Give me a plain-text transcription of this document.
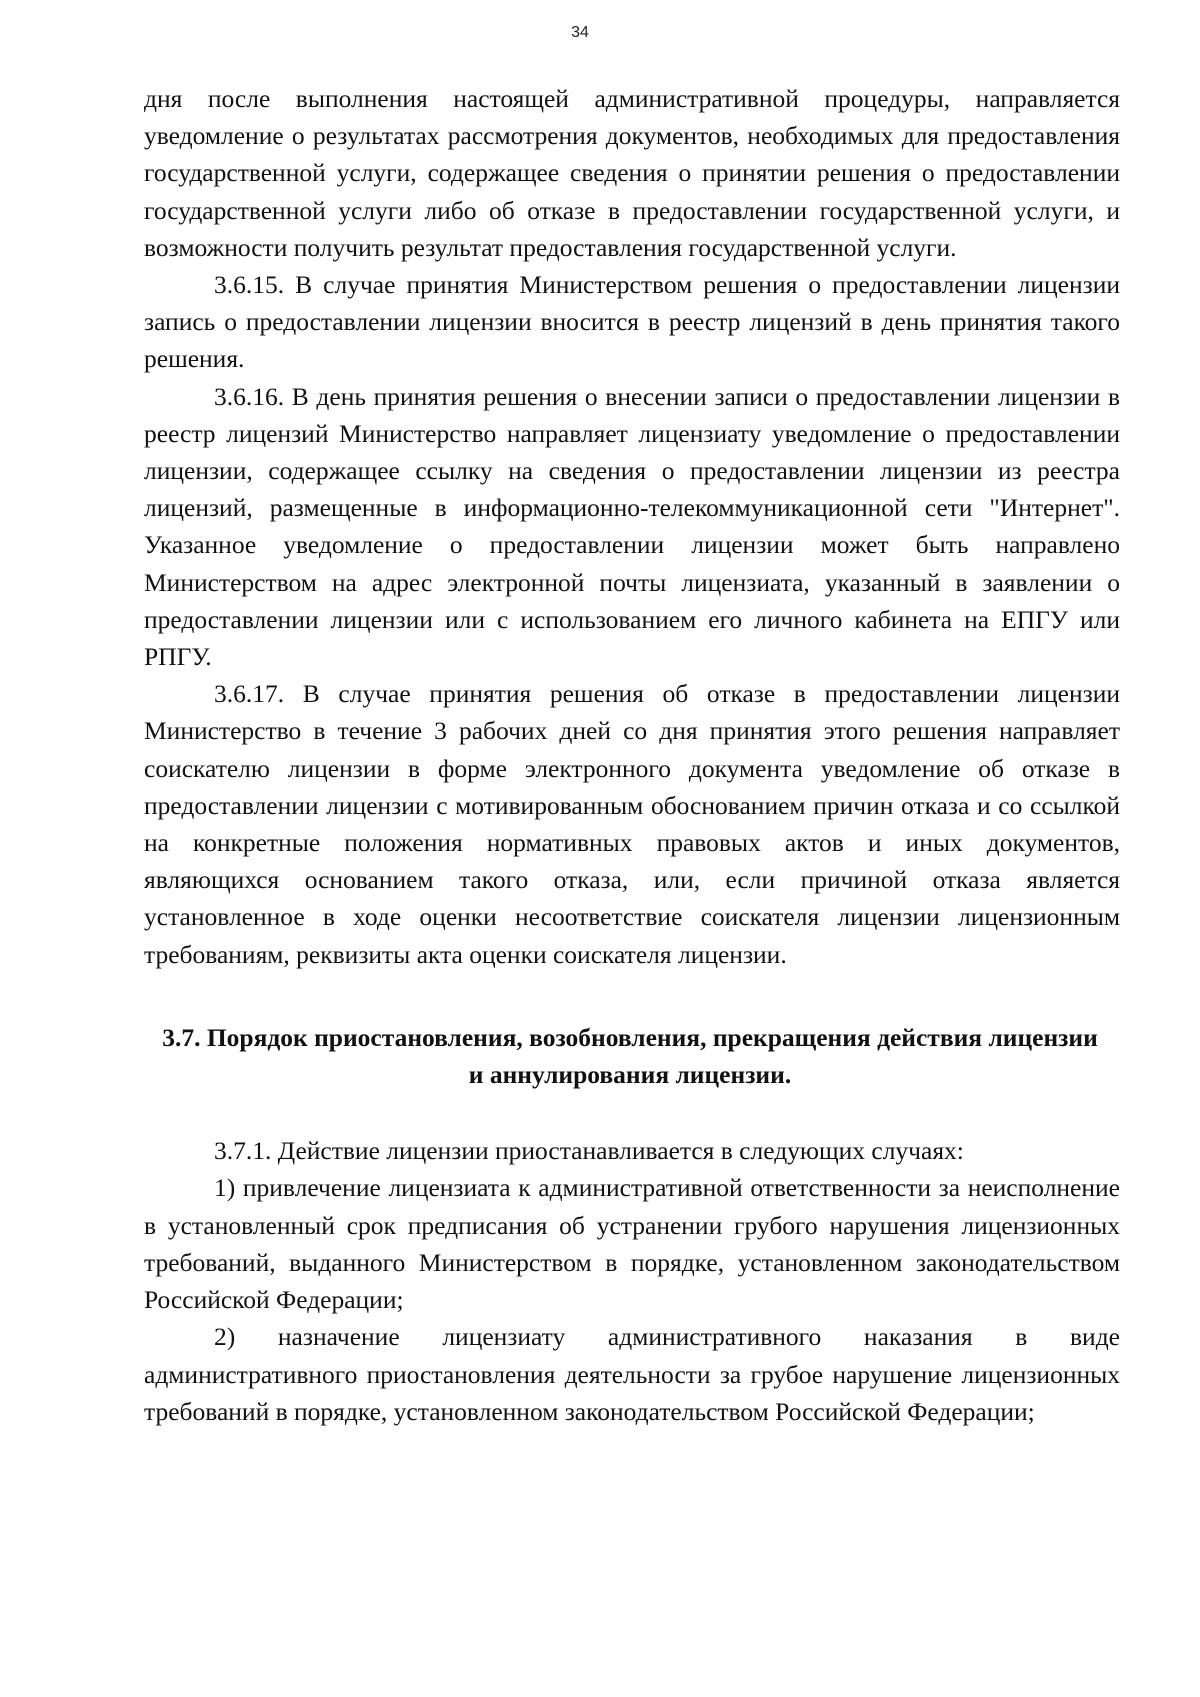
34

дня после выполнения настоящей административной процедуры, направляется уведомление о результатах рассмотрения документов, необходимых для предоставления государственной услуги, содержащее сведения о принятии решения о предоставлении государственной услуги либо об отказе в предоставлении государственной услуги, и возможности получить результат предоставления государственной услуги.

3.6.15. В случае принятия Министерством решения о предоставлении лицензии запись о предоставлении лицензии вносится в реестр лицензий в день принятия такого решения.

3.6.16. В день принятия решения о внесении записи о предоставлении лицензии в реестр лицензий Министерство направляет лицензиату уведомление о предоставлении лицензии, содержащее ссылку на сведения о предоставлении лицензии из реестра лицензий, размещенные в информационно-телекоммуникационной сети "Интернет". Указанное уведомление о предоставлении лицензии может быть направлено Министерством на адрес электронной почты лицензиата, указанный в заявлении о предоставлении лицензии или с использованием его личного кабинета на ЕПГУ или РПГУ.

3.6.17. В случае принятия решения об отказе в предоставлении лицензии Министерство в течение 3 рабочих дней со дня принятия этого решения направляет соискателю лицензии в форме электронного документа уведомление об отказе в предоставлении лицензии с мотивированным обоснованием причин отказа и со ссылкой на конкретные положения нормативных правовых актов и иных документов, являющихся основанием такого отказа, или, если причиной отказа является установленное в ходе оценки несоответствие соискателя лицензии лицензионным требованиям, реквизиты акта оценки соискателя лицензии.

3.7. Порядок приостановления, возобновления, прекращения действия лицензии и аннулирования лицензии.

3.7.1. Действие лицензии приостанавливается в следующих случаях:

1) привлечение лицензиата к административной ответственности за неисполнение в установленный срок предписания об устранении грубого нарушения лицензионных требований, выданного Министерством в порядке, установленном законодательством Российской Федерации;

2) назначение лицензиату административного наказания в виде административного приостановления деятельности за грубое нарушение лицензионных требований в порядке, установленном законодательством Российской Федерации;
